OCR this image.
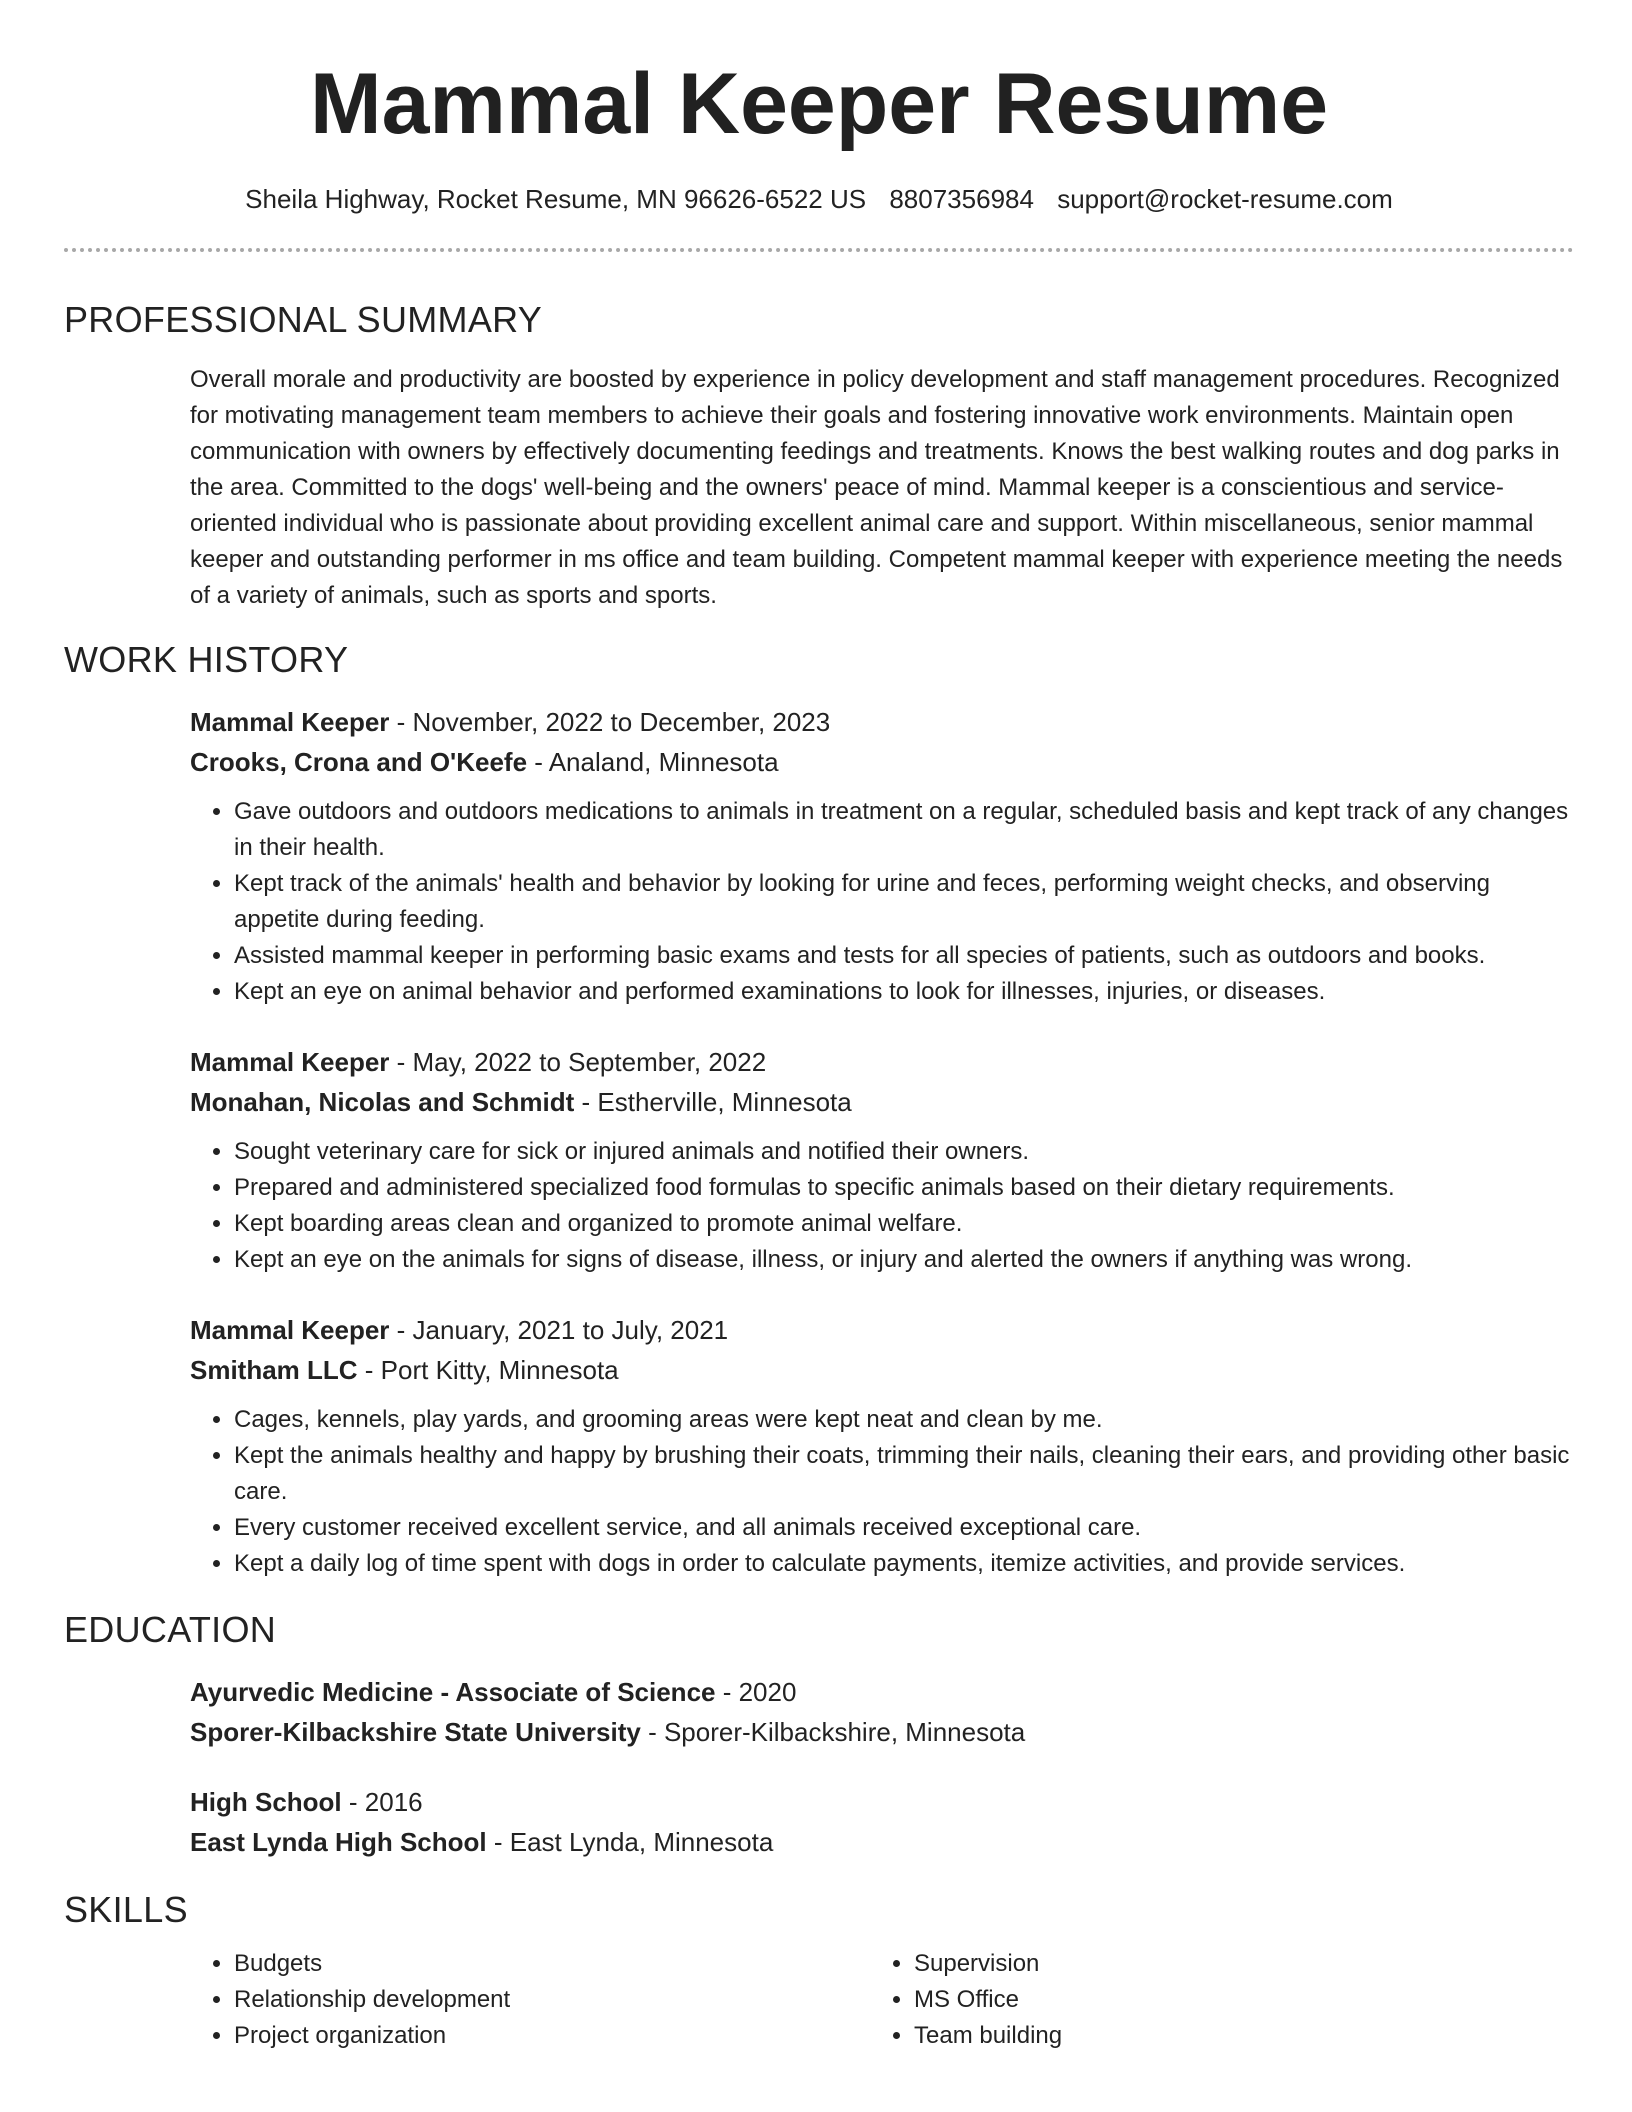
Mammal Keeper Resume
Sheila Highway, Rocket Resume, MN 96626-6522 US 8807356984 support@rocket-resume.com
PROFESSIONAL SUMMARY
Overall morale and productivity are boosted by experience in policy development and staff management procedures. Recognized for motivating management team members to achieve their goals and fostering innovative work environments. Maintain open communication with owners by effectively documenting feedings and treatments. Knows the best walking routes and dog parks in the area. Committed to the dogs' well-being and the owners' peace of mind. Mammal keeper is a conscientious and service-oriented individual who is passionate about providing excellent animal care and support. Within miscellaneous, senior mammal keeper and outstanding performer in ms office and team building. Competent mammal keeper with experience meeting the needs of a variety of animals, such as sports and sports.
WORK HISTORY
Mammal Keeper - November, 2022 to December, 2023
Crooks, Crona and O'Keefe - Analand, Minnesota
• Gave outdoors and outdoors medications to animals in treatment on a regular, scheduled basis and kept track of any changes in their health.
• Kept track of the animals' health and behavior by looking for urine and feces, performing weight checks, and observing appetite during feeding.
• Assisted mammal keeper in performing basic exams and tests for all species of patients, such as outdoors and books.
• Kept an eye on animal behavior and performed examinations to look for illnesses, injuries, or diseases.
Mammal Keeper - May, 2022 to September, 2022
Monahan, Nicolas and Schmidt - Estherville, Minnesota
• Sought veterinary care for sick or injured animals and notified their owners.
• Prepared and administered specialized food formulas to specific animals based on their dietary requirements.
• Kept boarding areas clean and organized to promote animal welfare.
• Kept an eye on the animals for signs of disease, illness, or injury and alerted the owners if anything was wrong.
Mammal Keeper - January, 2021 to July, 2021
Smitham LLC - Port Kitty, Minnesota
• Cages, kennels, play yards, and grooming areas were kept neat and clean by me.
• Kept the animals healthy and happy by brushing their coats, trimming their nails, cleaning their ears, and providing other basic care.
• Every customer received excellent service, and all animals received exceptional care.
• Kept a daily log of time spent with dogs in order to calculate payments, itemize activities, and provide services.
EDUCATION
Ayurvedic Medicine - Associate of Science - 2020
Sporer-Kilbackshire State University - Sporer-Kilbackshire, Minnesota
High School - 2016
East Lynda High School - East Lynda, Minnesota
SKILLS
• Budgets
• Relationship development
• Project organization
• Supervision
• MS Office
• Team building
